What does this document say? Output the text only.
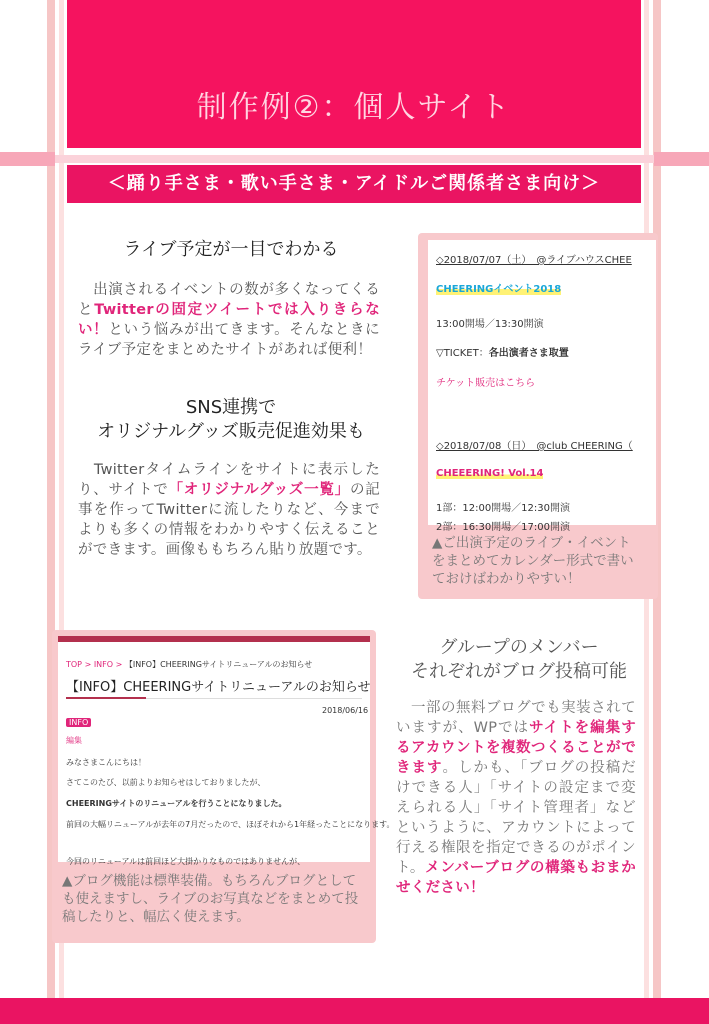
制作例②：個人サイト
＜踊り手さま・歌い手さま・アイドルご関係者さま向け＞
ライブ予定が一目でわかる
　出演されるイベントの数が多くなってくるとTwitterの固定ツイートでは入りきらない！という悩みが出てきます。そんなときにライブ予定をまとめたサイトがあれば便利！
SNS連携で
オリジナルグッズ販売促進効果も
　Twitterタイムラインをサイトに表示したり、サイトで「オリジナルグッズ一覧」の記事を作ってTwitterに流したりなど、今までよりも多くの情報をわかりやすく伝えることができます。画像ももちろん貼り放題です。
◇2018/07/07（土）　@ライブハウスCHEE
CHEERINGイベント2018
13:00開場／13:30開演
▽TICKET：各出演者さま取置
チケット販売はこちら
◇2018/07/08（日）　@club CHEERING（
CHEEERING! Vol.14
1部：12:00開場／12:30開演
2部：16:30開場／17:00開演
▲ご出演予定のライブ・イベントをまとめてカレンダー形式で書いておけばわかりやすい！
TOP > INFO > 【INFO】CHEERINGサイトリニューアルのお知らせ
【INFO】CHEERINGサイトリニューアルのお知らせ
2018/06/16
INFO
編集
みなさまこんにちは！
さてこのたび、以前よりお知らせはしておりましたが、
CHEERINGサイトのリニューアルを行うことになりました。
前回の大幅リニューアルが去年の7月だったので、ほぼそれから1年経ったことになります。
今回のリニューアルは前回ほど大掛かりなものではありませんが、
▲ブログ機能は標準装備。もちろんブログとしても使えますし、ライブのお写真などをまとめて投稿したりと、幅広く使えます。
グループのメンバー
それぞれがブログ投稿可能
　一部の無料ブログでも実装されていますが、WPではサイトを編集するアカウントを複数つくることができます。しかも、「ブログの投稿だけできる人」「サイトの設定まで変えられる人」「サイト管理者」などというように、アカウントによって行える権限を指定できるのがポイント。メンバーブログの構築もおまかせください！
